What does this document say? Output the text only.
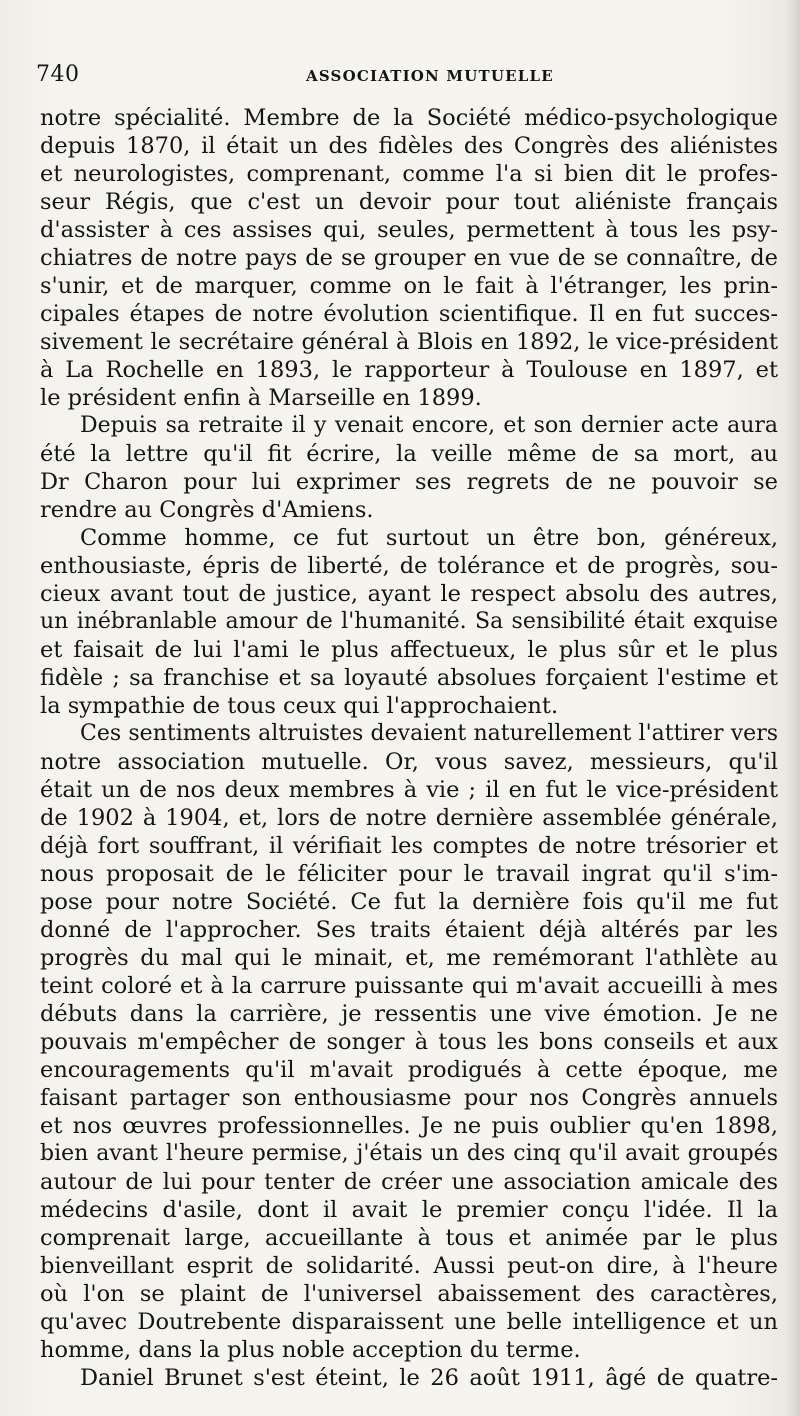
740	ASSOCIATION MUTUELLE
notre spécialité. Membre de la Société médico-psychologique
depuis 1870, il était un des fidèles des Congrès des aliénistes
et neurologistes, comprenant, comme l'a si bien dit le profes-
seur Régis, que c'est un devoir pour tout aliéniste français
d'assister à ces assises qui, seules, permettent à tous les psy-
chiatres de notre pays de se grouper en vue de se connaître, de
s'unir, et de marquer, comme on le fait à l'étranger, les prin-
cipales étapes de notre évolution scientifique. Il en fut succes-
sivement le secrétaire général à Blois en 1892, le vice-président
à La Rochelle en 1893, le rapporteur à Toulouse en 1897, et
le président enfin à Marseille en 1899.
Depuis sa retraite il y venait encore, et son dernier acte aura
été la lettre qu'il fit écrire, la veille même de sa mort, au
Dr Charon pour lui exprimer ses regrets de ne pouvoir se
rendre au Congrès d'Amiens.
Comme homme, ce fut surtout un être bon, généreux,
enthousiaste, épris de liberté, de tolérance et de progrès, sou-
cieux avant tout de justice, ayant le respect absolu des autres,
un inébranlable amour de l'humanité. Sa sensibilité était exquise
et faisait de lui l'ami le plus affectueux, le plus sûr et le plus
fidèle ; sa franchise et sa loyauté absolues forçaient l'estime et
la sympathie de tous ceux qui l'approchaient.
Ces sentiments altruistes devaient naturellement l'attirer vers
notre association mutuelle. Or, vous savez, messieurs, qu'il
était un de nos deux membres à vie ; il en fut le vice-président
de 1902 à 1904, et, lors de notre dernière assemblée générale,
déjà fort souffrant, il vérifiait les comptes de notre trésorier et
nous proposait de le féliciter pour le travail ingrat qu'il s'im-
pose pour notre Société. Ce fut la dernière fois qu'il me fut
donné de l'approcher. Ses traits étaient déjà altérés par les
progrès du mal qui le minait, et, me remémorant l'athlète au
teint coloré et à la carrure puissante qui m'avait accueilli à mes
débuts dans la carrière, je ressentis une vive émotion. Je ne
pouvais m'empêcher de songer à tous les bons conseils et aux
encouragements qu'il m'avait prodigués à cette époque, me
faisant partager son enthousiasme pour nos Congrès annuels
et nos œuvres professionnelles. Je ne puis oublier qu'en 1898,
bien avant l'heure permise, j'étais un des cinq qu'il avait groupés
autour de lui pour tenter de créer une association amicale des
médecins d'asile, dont il avait le premier conçu l'idée. Il la
comprenait large, accueillante à tous et animée par le plus
bienveillant esprit de solidarité. Aussi peut-on dire, à l'heure
où l'on se plaint de l'universel abaissement des caractères,
qu'avec Doutrebente disparaissent une belle intelligence et un
homme, dans la plus noble acception du terme.
Daniel Brunet s'est éteint, le 26 août 1911, âgé de quatre-
